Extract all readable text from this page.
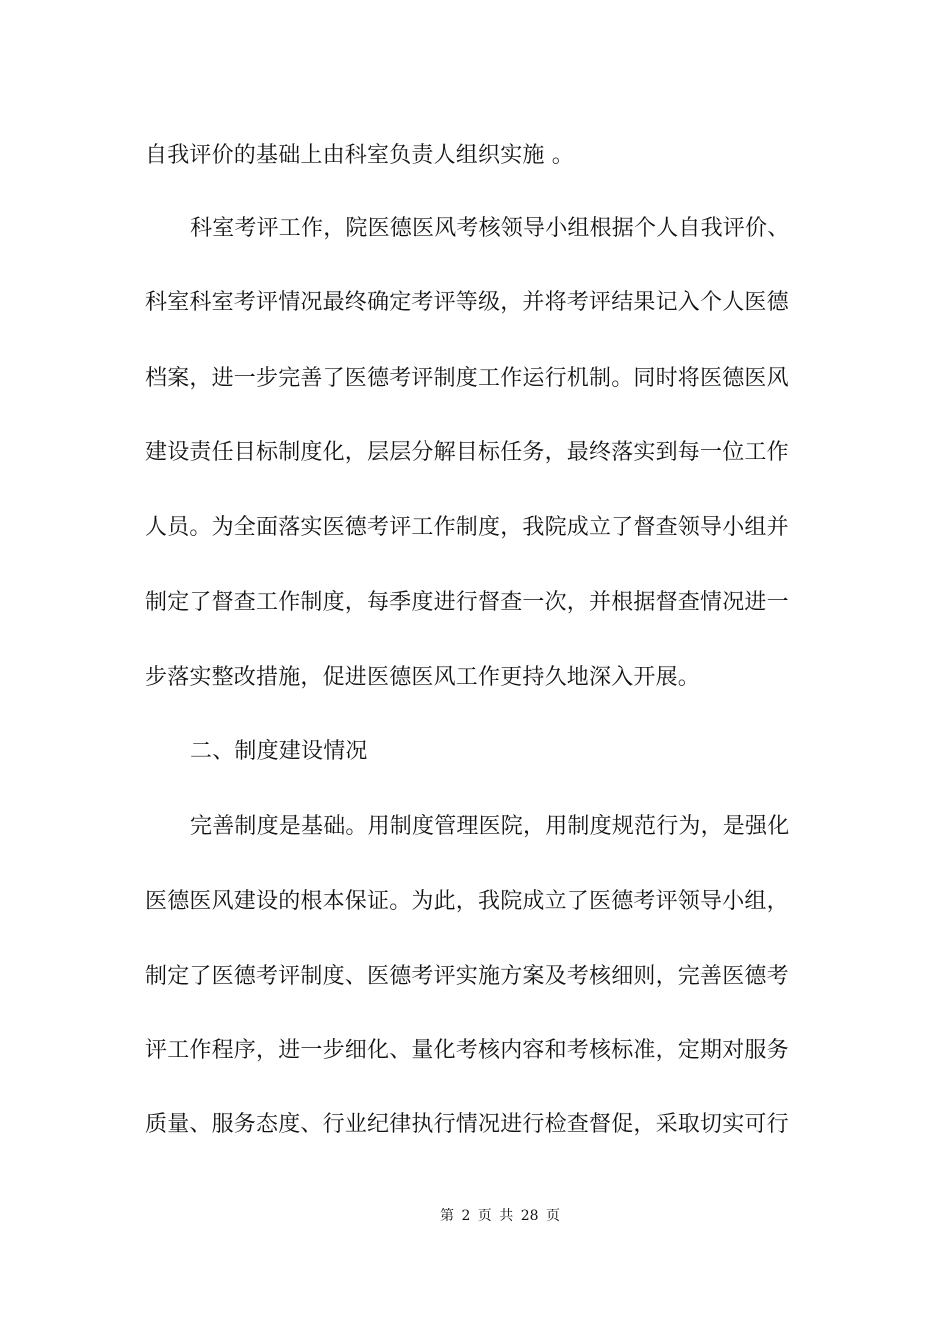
自我评价的基础上由科室负责人组织实施 。
科室考评工作，院医德医风考核领导小组根据个人自我评价、
科室科室考评情况最终确定考评等级，并将考评结果记入个人医德
档案，进一步完善了医德考评制度工作运行机制。同时将医德医风
建设责任目标制度化，层层分解目标任务，最终落实到每一位工作
人员。为全面落实医德考评工作制度，我院成立了督查领导小组并
制定了督查工作制度，每季度进行督查一次，并根据督查情况进一
步落实整改措施，促进医德医风工作更持久地深入开展。
二、制度建设情况
完善制度是基础。用制度管理医院，用制度规范行为，是强化
医德医风建设的根本保证。为此，我院成立了医德考评领导小组，
制定了医德考评制度、医德考评实施方案及考核细则，完善医德考
评工作程序，进一步细化、量化考核内容和考核标准，定期对服务
质量、服务态度、行业纪律执行情况进行检查督促，采取切实可行
第 2 页 共 28 页
